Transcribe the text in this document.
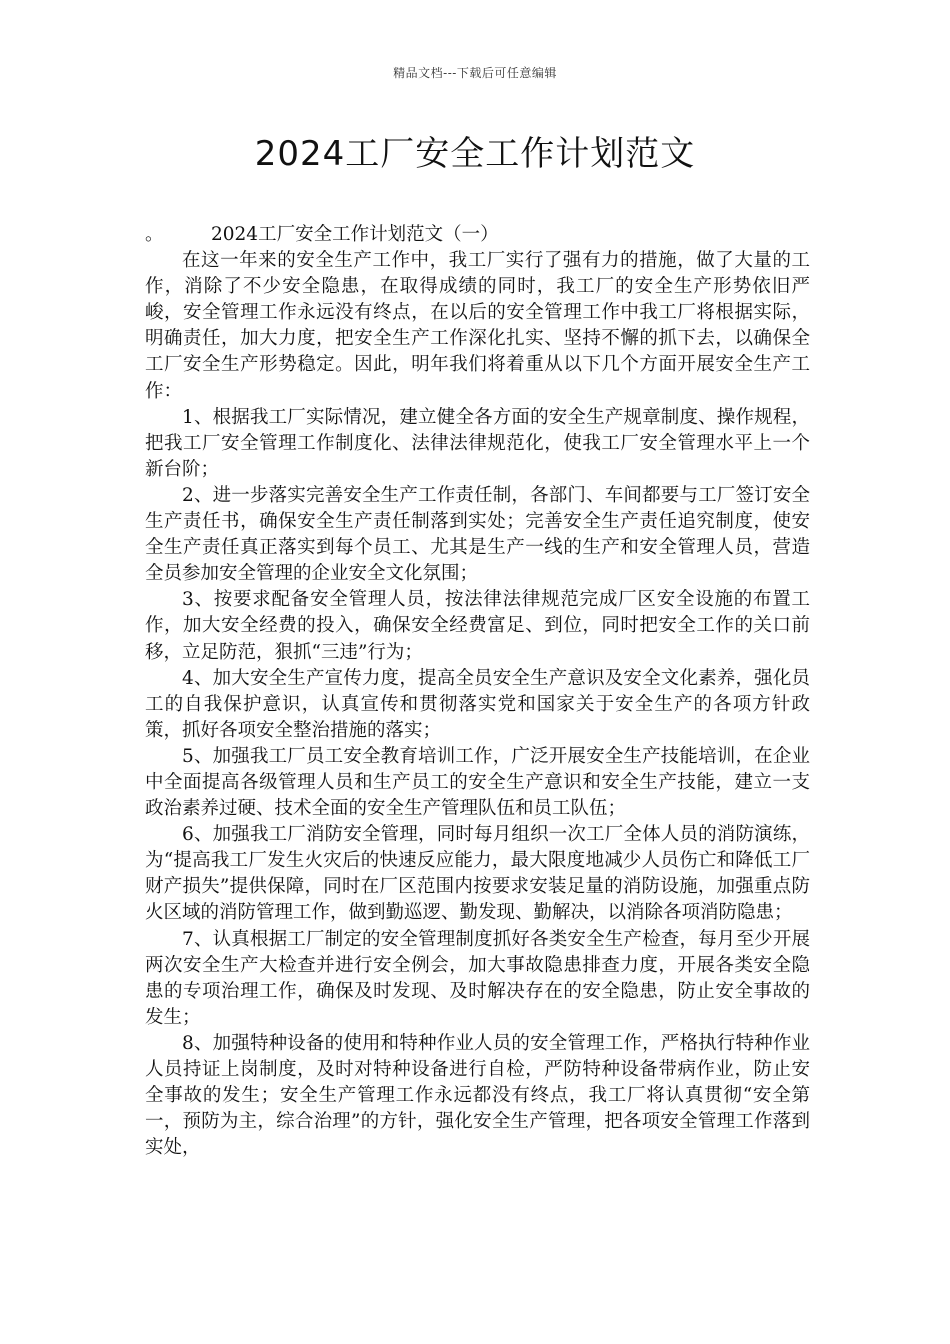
精品文档---下载后可任意编辑
2024工厂安全工作计划范文

。	2024工厂安全工作计划范文（一）

在这一年来的安全生产工作中，我工厂实行了强有力的措施，做了大量的工作，消除了不少安全隐患，在取得成绩的同时，我工厂的安全生产形势依旧严峻，安全管理工作永远没有终点，在以后的安全管理工作中我工厂将根据实际，明确责任，加大力度，把安全生产工作深化扎实、坚持不懈的抓下去，以确保全工厂安全生产形势稳定。因此，明年我们将着重从以下几个方面开展安全生产工作：

1、根据我工厂实际情况，建立健全各方面的安全生产规章制度、操作规程，把我工厂安全管理工作制度化、法律法律规范化，使我工厂安全管理水平上一个新台阶；

2、进一步落实完善安全生产工作责任制，各部门、车间都要与工厂签订安全生产责任书，确保安全生产责任制落到实处；完善安全生产责任追究制度，使安全生产责任真正落实到每个员工、尤其是生产一线的生产和安全管理人员，营造全员参加安全管理的企业安全文化氛围；

3、按要求配备安全管理人员，按法律法律规范完成厂区安全设施的布置工作，加大安全经费的投入，确保安全经费富足、到位，同时把安全工作的关口前移，立足防范，狠抓“三违”行为；

4、加大安全生产宣传力度，提高全员安全生产意识及安全文化素养，强化员工的自我保护意识，认真宣传和贯彻落实党和国家关于安全生产的各项方针政策，抓好各项安全整治措施的落实；

5、加强我工厂员工安全教育培训工作，广泛开展安全生产技能培训，在企业中全面提高各级管理人员和生产员工的安全生产意识和安全生产技能，建立一支政治素养过硬、技术全面的安全生产管理队伍和员工队伍；

6、加强我工厂消防安全管理，同时每月组织一次工厂全体人员的消防演练，为“提高我工厂发生火灾后的快速反应能力，最大限度地减少人员伤亡和降低工厂财产损失”提供保障，同时在厂区范围内按要求安装足量的消防设施，加强重点防火区域的消防管理工作，做到勤巡逻、勤发现、勤解决，以消除各项消防隐患；

7、认真根据工厂制定的安全管理制度抓好各类安全生产检查，每月至少开展两次安全生产大检查并进行安全例会，加大事故隐患排查力度，开展各类安全隐患的专项治理工作，确保及时发现、及时解决存在的安全隐患，防止安全事故的发生；

8、加强特种设备的使用和特种作业人员的安全管理工作，严格执行特种作业人员持证上岗制度，及时对特种设备进行自检，严防特种设备带病作业，防止安全事故的发生；安全生产管理工作永远都没有终点，我工厂将认真贯彻“安全第一，预防为主，综合治理”的方针，强化安全生产管理，把各项安全管理工作落到实处，
